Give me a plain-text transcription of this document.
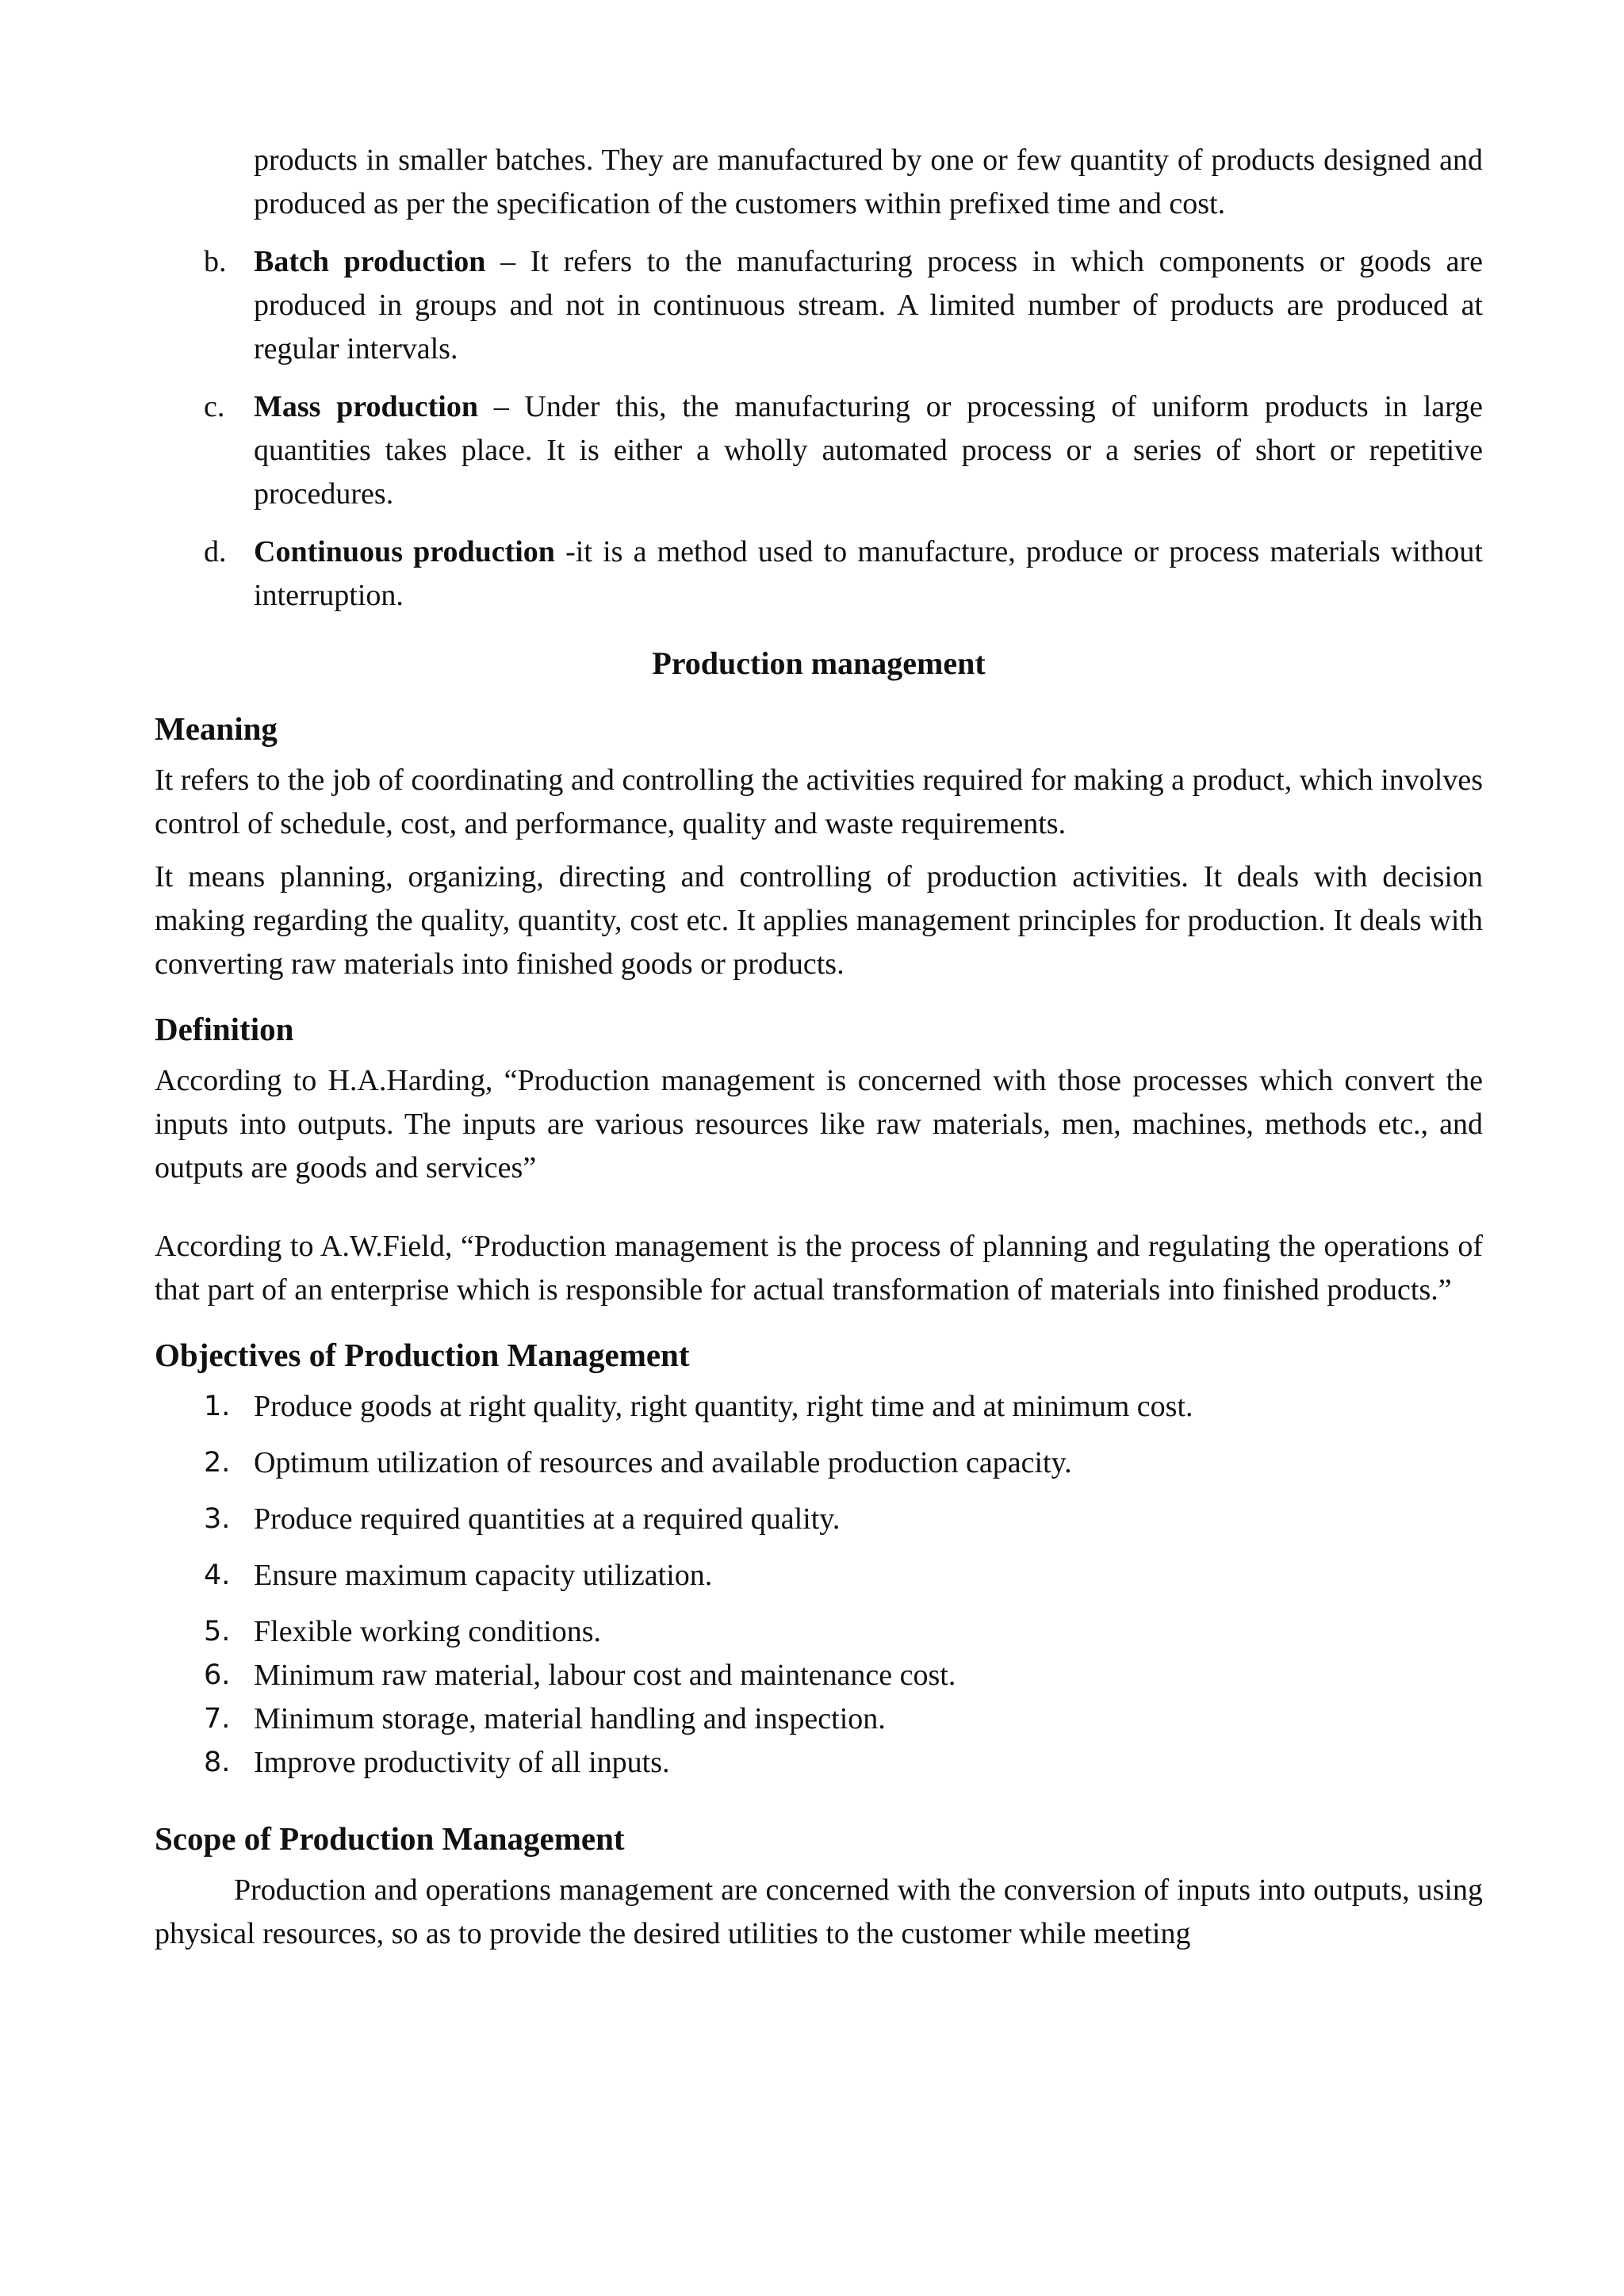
products in smaller batches. They are manufactured by one or few quantity of products designed and produced as per the specification of the customers within prefixed time and cost.

b. Batch production – It refers to the manufacturing process in which components or goods are produced in groups and not in continuous stream. A limited number of products are produced at regular intervals.
c. Mass production – Under this, the manufacturing or processing of uniform products in large quantities takes place. It is either a wholly automated process or a series of short or repetitive procedures.
d. Continuous production -it is a method used to manufacture, produce or process materials without interruption.
Production management
Meaning

It refers to the job of coordinating and controlling the activities required for making a product, which involves control of schedule, cost, and performance, quality and waste requirements.

It means planning, organizing, directing and controlling of production activities. It deals with decision making regarding the quality, quantity, cost etc. It applies management principles for production. It deals with converting raw materials into finished goods or products.

Definition

According to H.A.Harding, “Production management is concerned with those processes which convert the inputs into outputs. The inputs are various resources like raw materials, men, machines, methods etc., and outputs are goods and services”

According to A.W.Field, “Production management is the process of planning and regulating the operations of that part of an enterprise which is responsible for actual transformation of materials into finished products.”

Objectives of Production Management
1. Produce goods at right quality, right quantity, right time and at minimum cost.
2. Optimum utilization of resources and available production capacity.
3. Produce required quantities at a required quality.
4. Ensure maximum capacity utilization.
5. Flexible working conditions.
6. Minimum raw material, labour cost and maintenance cost.
7. Minimum storage, material handling and inspection.
8. Improve productivity of all inputs.
Scope of Production Management

Production and operations management are concerned with the conversion of inputs into outputs, using physical resources, so as to provide the desired utilities to the customer while meeting
